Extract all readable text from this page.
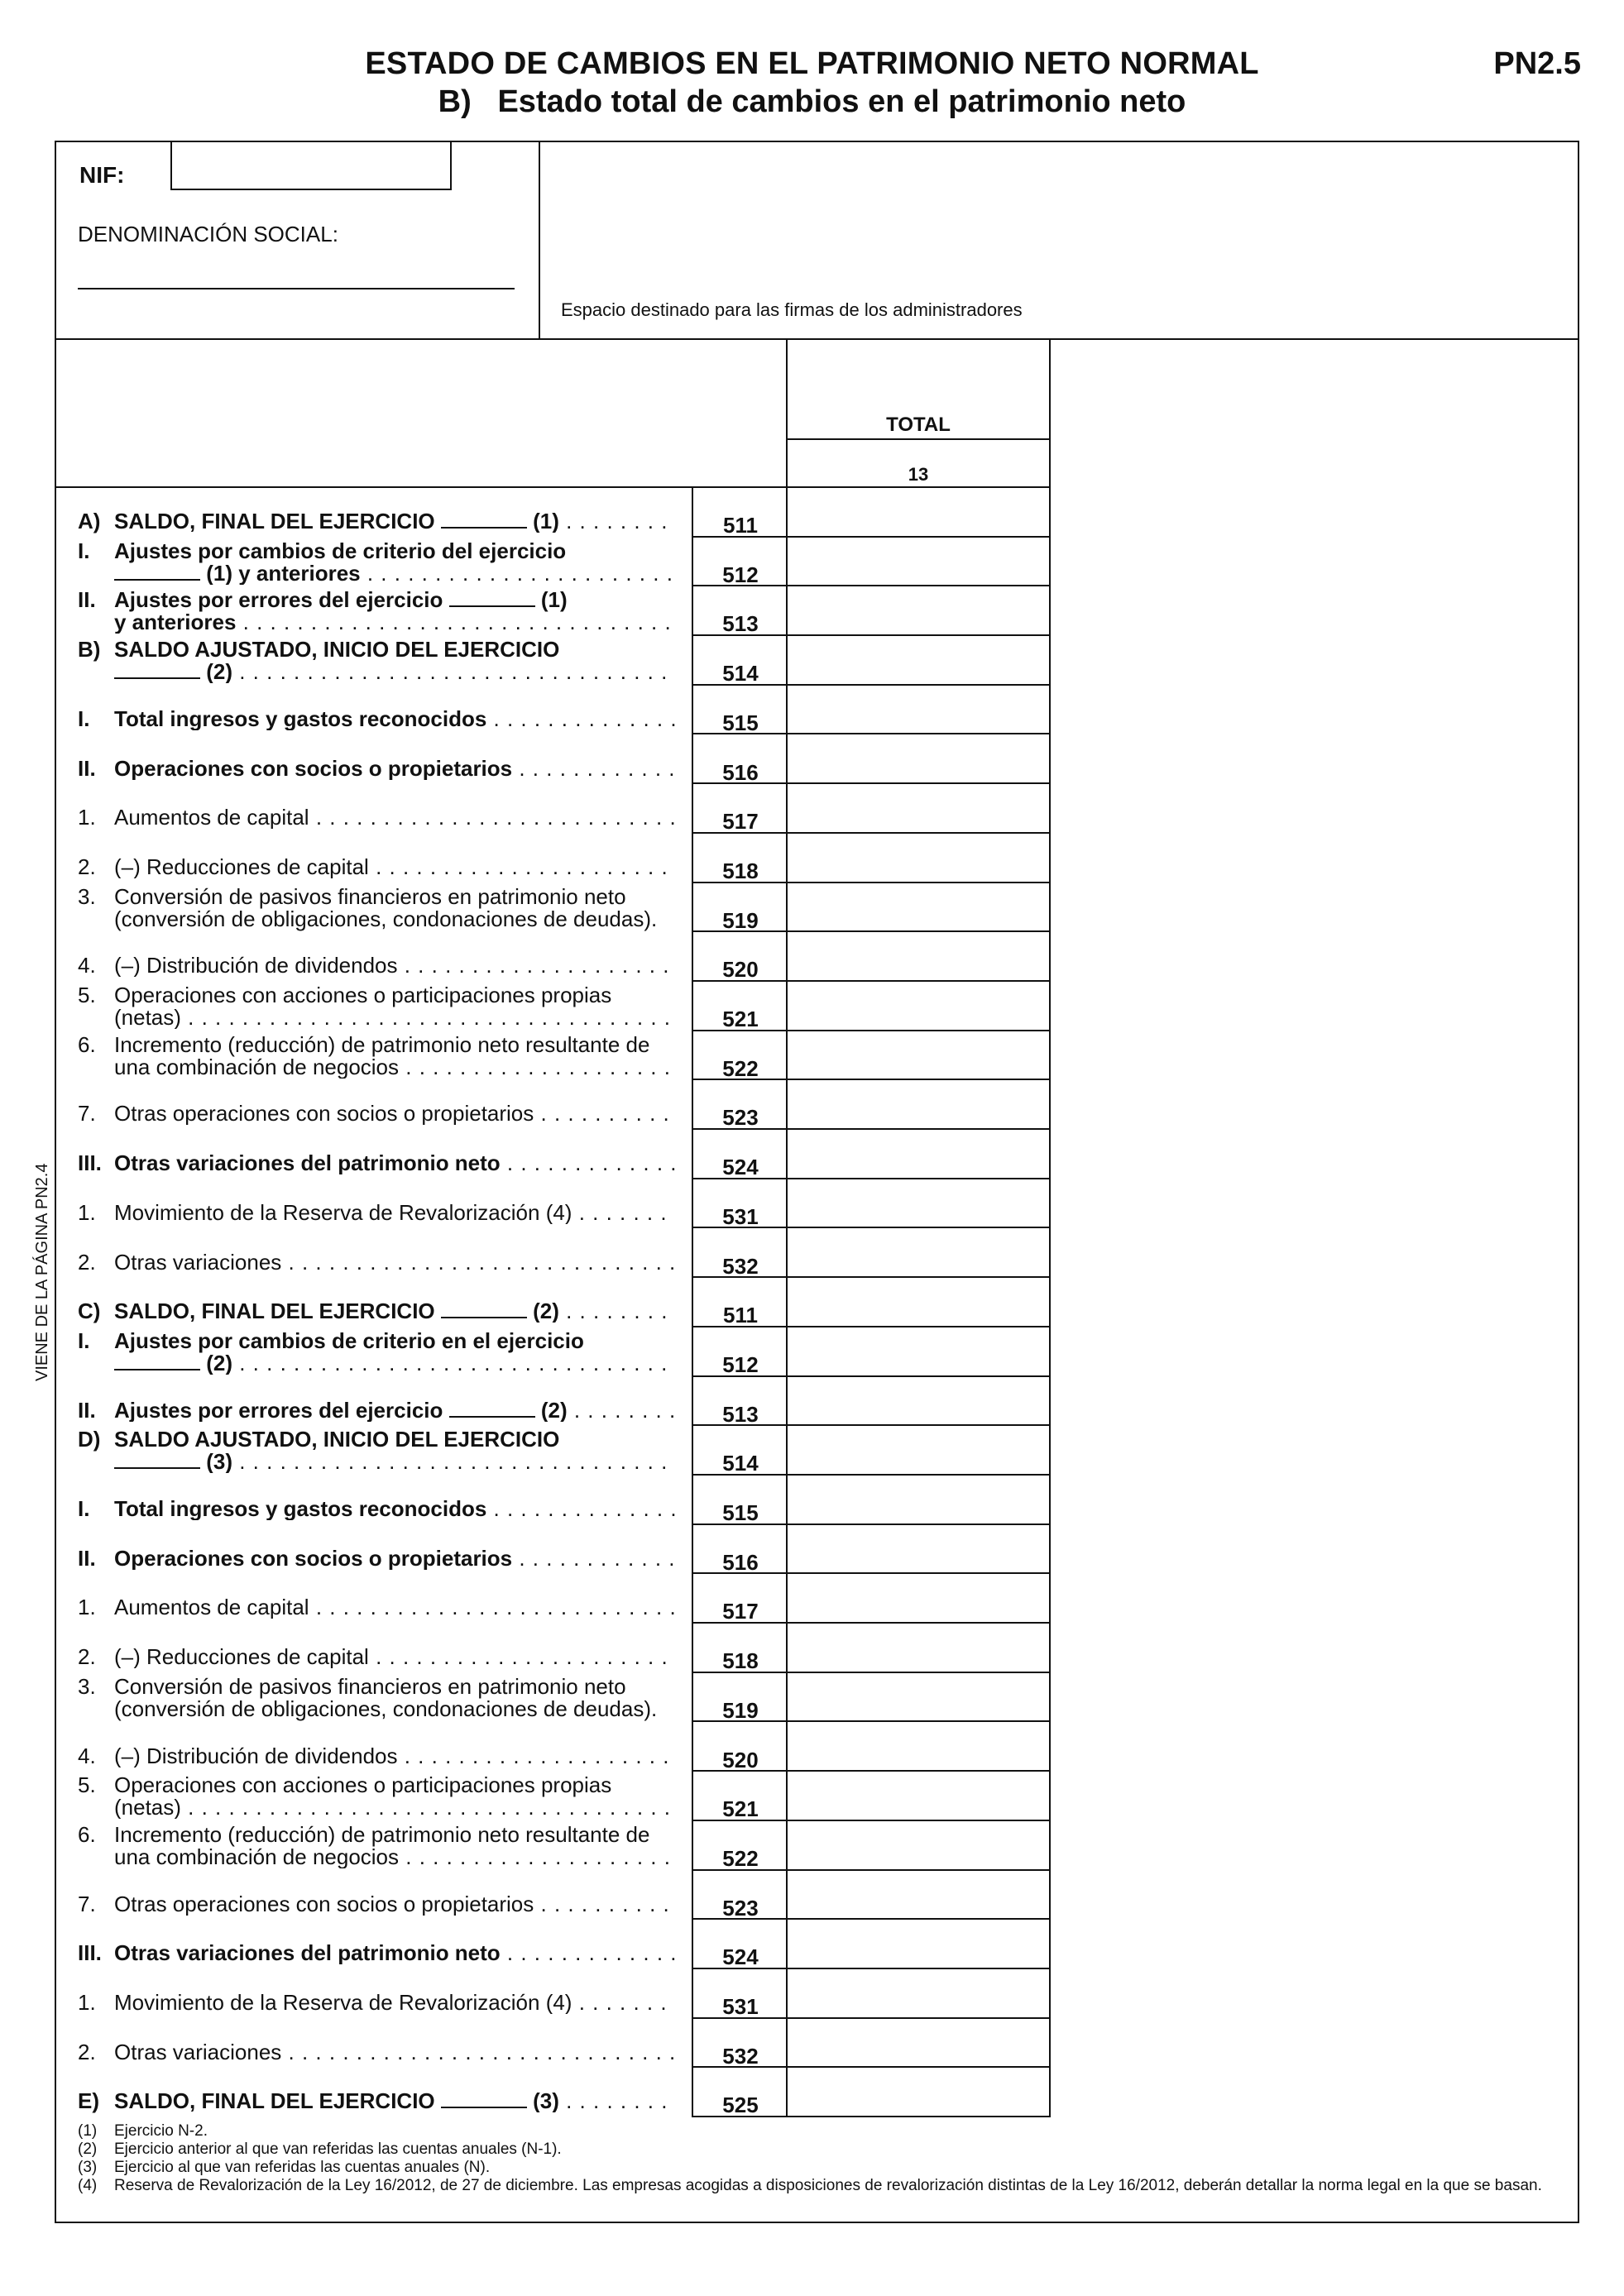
ESTADO DE CAMBIOS EN EL PATRIMONIO NETO NORMAL
B) Estado total de cambios en el patrimonio neto
PN2.5
NIF:
DENOMINACIÓN SOCIAL:
Espacio destinado para las firmas de los administradores
TOTAL
13
A) SALDO, FINAL DEL EJERCICIO	(1) . . .	511
I.	Ajustes por cambios de criterio del ejercicio
(1) y anteriores . . .	512
II. Ajustes por errores del ejercicio	(1)
y anteriores . . .	513
B) SALDO AJUSTADO, INICIO DEL EJERCICIO
(2) . . .	514
I.	Total ingresos y gastos reconocidos . . .	515
II. Operaciones con socios o propietarios . . .	516
1. Aumentos de capital . . .	517
2. (–) Reducciones de capital . . .	518
3. Conversión de pasivos financieros en patrimonio neto
(conversión de obligaciones, condonaciones de deudas).	519
4. (–) Distribución de dividendos . . .	520
5. Operaciones con acciones o participaciones propias
(netas) . . .	521
6. Incremento (reducción) de patrimonio neto resultante de
una combinación de negocios . . .	522
7. Otras operaciones con socios o propietarios . . .	523
III. Otras variaciones del patrimonio neto . . .	524
1. Movimiento de la Reserva de Revalorización (4) . . .	531
2. Otras variaciones . . .	532
C) SALDO, FINAL DEL EJERCICIO	(2) . . .	511
I.	Ajustes por cambios de criterio en el ejercicio
(2) . . .	512
II. Ajustes por errores del ejercicio	(2) . . .	513
D) SALDO AJUSTADO, INICIO DEL EJERCICIO
(3) . . .	514
I.	Total ingresos y gastos reconocidos . . .	515
II. Operaciones con socios o propietarios . . .	516
1. Aumentos de capital . . .	517
2. (–) Reducciones de capital . . .	518
3. Conversión de pasivos financieros en patrimonio neto
(conversión de obligaciones, condonaciones de deudas).	519
4. (–) Distribución de dividendos . . .	520
5. Operaciones con acciones o participaciones propias
(netas) . . .	521
6. Incremento (reducción) de patrimonio neto resultante de
una combinación de negocios . . .	522
7. Otras operaciones con socios o propietarios . . .	523
III. Otras variaciones del patrimonio neto . . .	524
1. Movimiento de la Reserva de Revalorización (4) . . .	531
2. Otras variaciones . . .	532
E) SALDO, FINAL DEL EJERCICIO	(3) . . .	525
VIENE DE LA PÁGINA PN2.4
(1) Ejercicio N-2.
(2) Ejercicio anterior al que van referidas las cuentas anuales (N-1).
(3) Ejercicio al que van referidas las cuentas anuales (N).
(4) Reserva de Revalorización de la Ley 16/2012, de 27 de diciembre. Las empresas acogidas a disposiciones de revalorización distintas de la Ley 16/2012, deberán detallar la norma legal en la que se basan.
